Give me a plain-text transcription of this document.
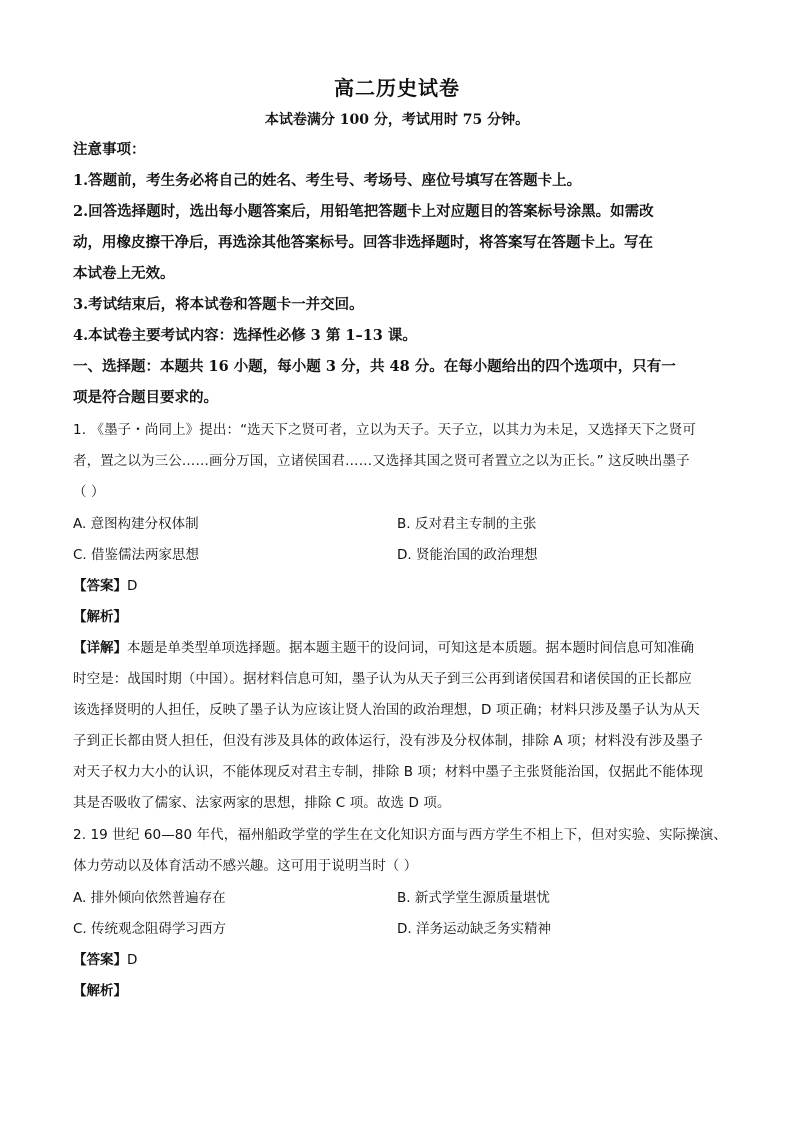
高二历史试卷
本试卷满分 100 分，考试用时 75 分钟。
注意事项：
1.答题前，考生务必将自己的姓名、考生号、考场号、座位号填写在答题卡上。
2.回答选择题时，选出每小题答案后，用铅笔把答题卡上对应题目的答案标号涂黑。如需改
动，用橡皮擦干净后，再选涂其他答案标号。回答非选择题时，将答案写在答题卡上。写在
本试卷上无效。
3.考试结束后，将本试卷和答题卡一并交回。
4.本试卷主要考试内容：选择性必修 3 第 1–13 课。
一、选择题：本题共 16 小题，每小题 3 分，共 48 分。在每小题给出的四个选项中，只有一
项是符合题目要求的。
1. 《墨子・尚同上》提出：“选天下之贤可者，立以为天子。天子立，以其力为未足，又选择天下之贤可
者，置之以为三公……画分万国，立诸侯国君……又选择其国之贤可者置立之以为正长。” 这反映出墨子
（ ）
A. 意图构建分权体制	B. 反对君主专制的主张
C. 借鉴儒法两家思想	D. 贤能治国的政治理想
【答案】D
【解析】
【详解】本题是单类型单项选择题。据本题主题干的设问词，可知这是本质题。据本题时间信息可知准确
时空是：战国时期（中国）。据材料信息可知，墨子认为从天子到三公再到诸侯国君和诸侯国的正长都应
该选择贤明的人担任，反映了墨子认为应该让贤人治国的政治理想，D 项正确；材料只涉及墨子认为从天
子到正长都由贤人担任，但没有涉及具体的政体运行，没有涉及分权体制，排除 A 项；材料没有涉及墨子
对天子权力大小的认识，不能体现反对君主专制，排除 B 项；材料中墨子主张贤能治国，仅据此不能体现
其是否吸收了儒家、法家两家的思想，排除 C 项。故选 D 项。
2. 19 世纪 60—80 年代，福州船政学堂的学生在文化知识方面与西方学生不相上下，但对实验、实际操演、
体力劳动以及体育活动不感兴趣。这可用于说明当时（ ）
A. 排外倾向依然普遍存在	B. 新式学堂生源质量堪忧
C. 传统观念阻碍学习西方	D. 洋务运动缺乏务实精神
【答案】D
【解析】
